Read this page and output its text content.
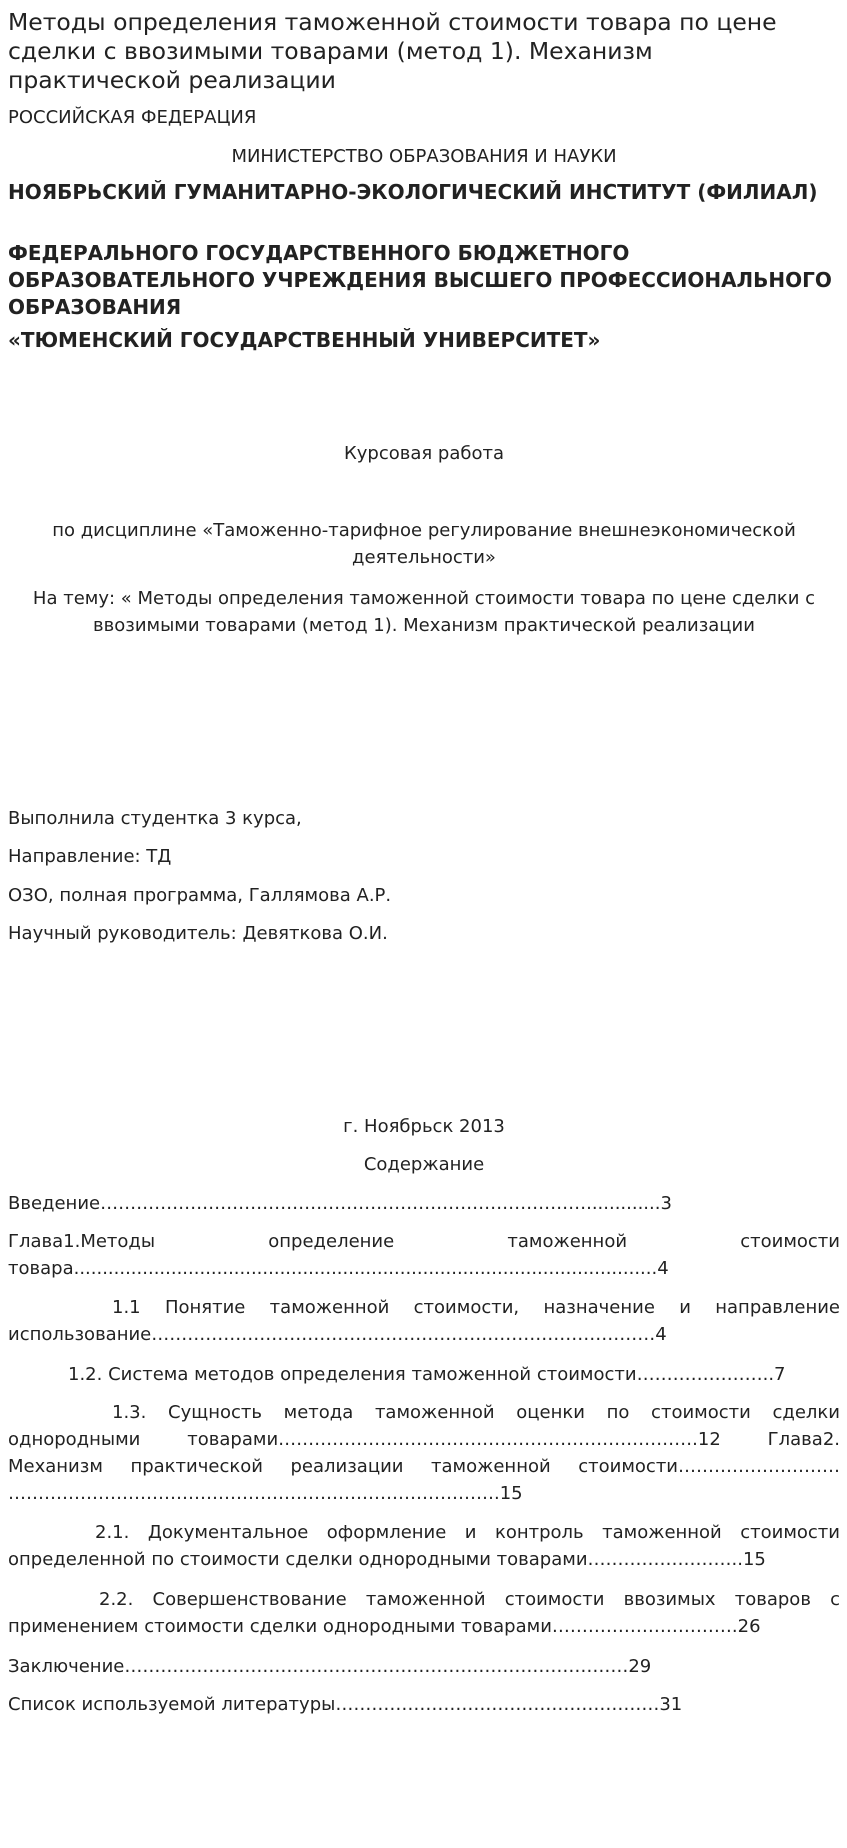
Методы определения таможенной стоимости товара по цене сделки с ввозимыми товарами (метод 1). Механизм практической реализации
РОССИЙСКАЯ ФЕДЕРАЦИЯ
МИНИСТЕРСТВО ОБРАЗОВАНИЯ И НАУКИ
НОЯБРЬСКИЙ ГУМАНИТАРНО-ЭКОЛОГИЧЕСКИЙ ИНСТИТУТ (ФИЛИАЛ)
ФЕДЕРАЛЬНОГО ГОСУДАРСТВЕННОГО БЮДЖЕТНОГО ОБРАЗОВАТЕЛЬНОГО УЧРЕЖДЕНИЯ ВЫСШЕГО ПРОФЕССИОНАЛЬНОГО ОБРАЗОВАНИЯ
«ТЮМЕНСКИЙ ГОСУДАРСТВЕННЫЙ УНИВЕРСИТЕТ»
Курсовая работа
по дисциплине «Таможенно-тарифное регулирование внешнеэкономической деятельности»
На тему: « Методы определения таможенной стоимости товара по цене сделки с ввозимыми товарами (метод 1). Механизм практической реализации
Выполнила студентка 3 курса,
Направление: ТД
ОЗО, полная программа, Галлямова А.Р.
Научный руководитель: Девяткова О.И.
г. Ноябрьск 2013
Содержание
Введение……………………………………………………………………….............3
Глава1.Методы определение таможенной стоимости товара......................................................................................................4
1.1 Понятие таможенной стоимости, назначение и направление использование…………………………………………………………………………4
1.2. Система методов определения таможенной стоимости…………………..7
1.3. Сущность метода таможенной оценки по стоимости сделки однородными товарами…………………………………………………………….12 Глава2. Механизм практической реализации таможенной стоимости……………………… ……………………………………………………………………….15
2.1. Документальное оформление и контроль таможенной стоимости определенной по стоимости сделки однородными товарами……………………..15
2.2. Совершенствование таможенной стоимости ввозимых товаров с применением стоимости сделки однородными товарами………………………….26
Заключение…………………………………………………………………………29
Список используемой литературы………………………………………………31
